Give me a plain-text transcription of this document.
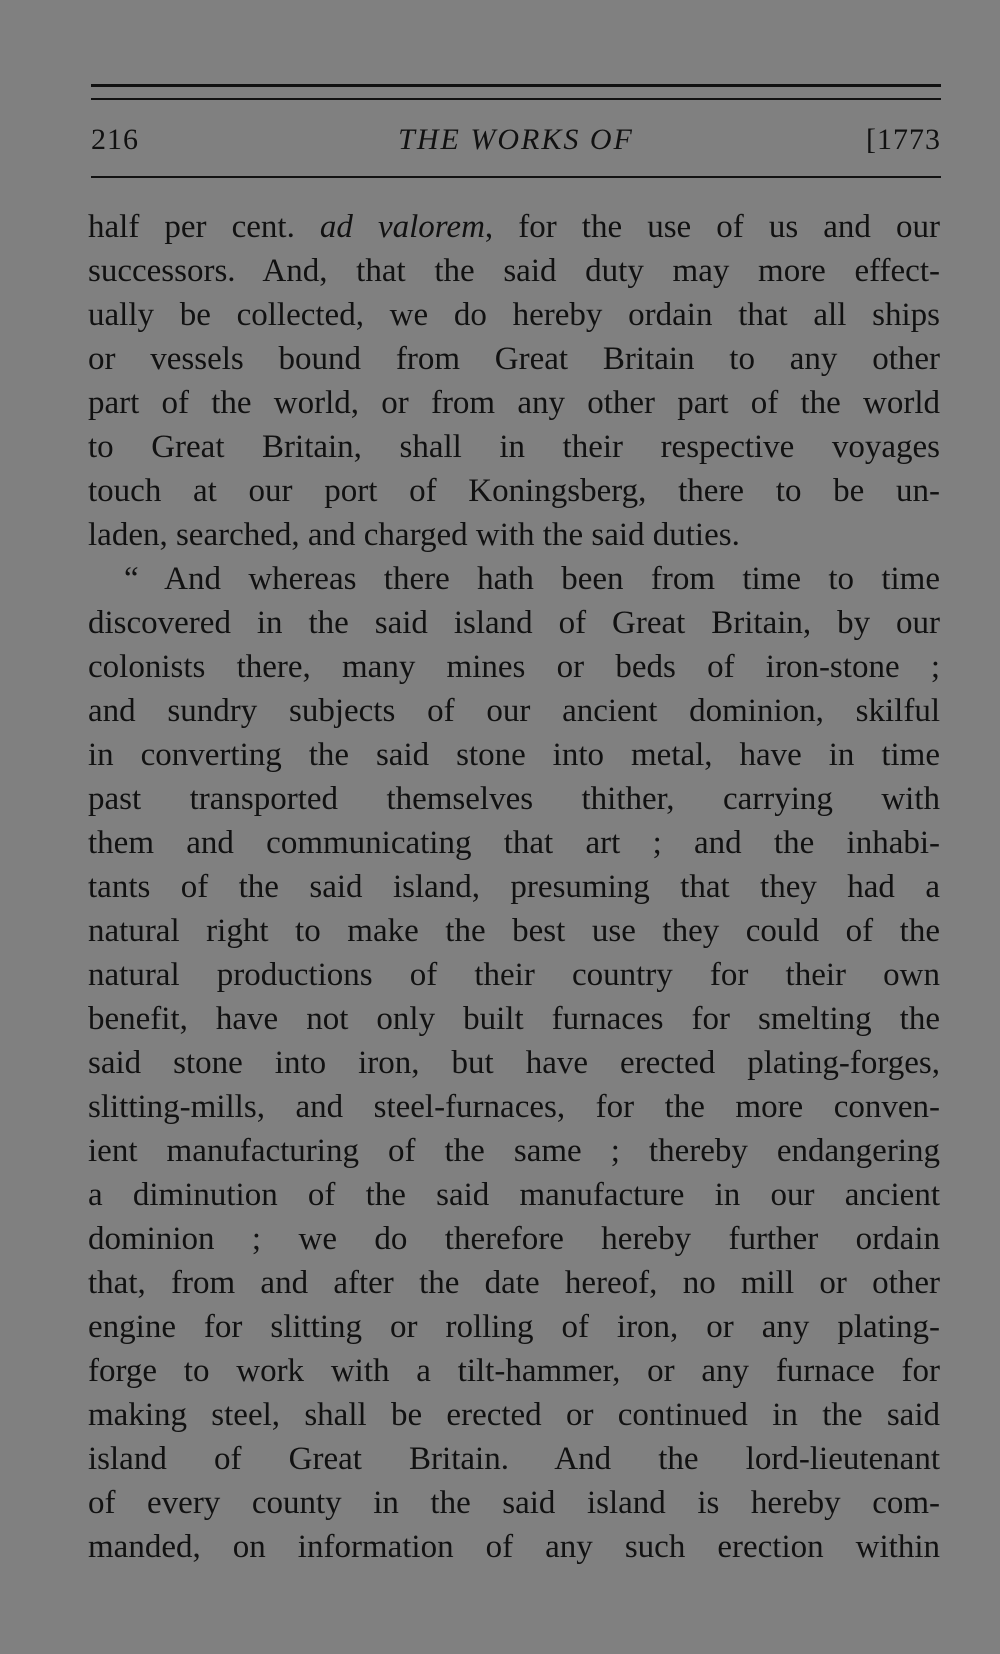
216	THE WORKS OF	[1773
half per cent. ad valorem, for the use of us and our
successors. And, that the said duty may more effect-
ually be collected, we do hereby ordain that all ships
or vessels bound from Great Britain to any other
part of the world, or from any other part of the world
to Great Britain, shall in their respective voyages
touch at our port of Koningsberg, there to be un-
laden, searched, and charged with the said duties.
“ And whereas there hath been from time to time
discovered in the said island of Great Britain, by our
colonists there, many mines or beds of iron-stone ;
and sundry subjects of our ancient dominion, skilful
in converting the said stone into metal, have in time
past transported themselves thither, carrying with
them and communicating that art ; and the inhabi-
tants of the said island, presuming that they had a
natural right to make the best use they could of the
natural productions of their country for their own
benefit, have not only built furnaces for smelting the
said stone into iron, but have erected plating-forges,
slitting-mills, and steel-furnaces, for the more conven-
ient manufacturing of the same ; thereby endangering
a diminution of the said manufacture in our ancient
dominion ; we do therefore hereby further ordain
that, from and after the date hereof, no mill or other
engine for slitting or rolling of iron, or any plating-
forge to work with a tilt-hammer, or any furnace for
making steel, shall be erected or continued in the said
island of Great Britain. And the lord-lieutenant
of every county in the said island is hereby com-
manded, on information of any such erection within
